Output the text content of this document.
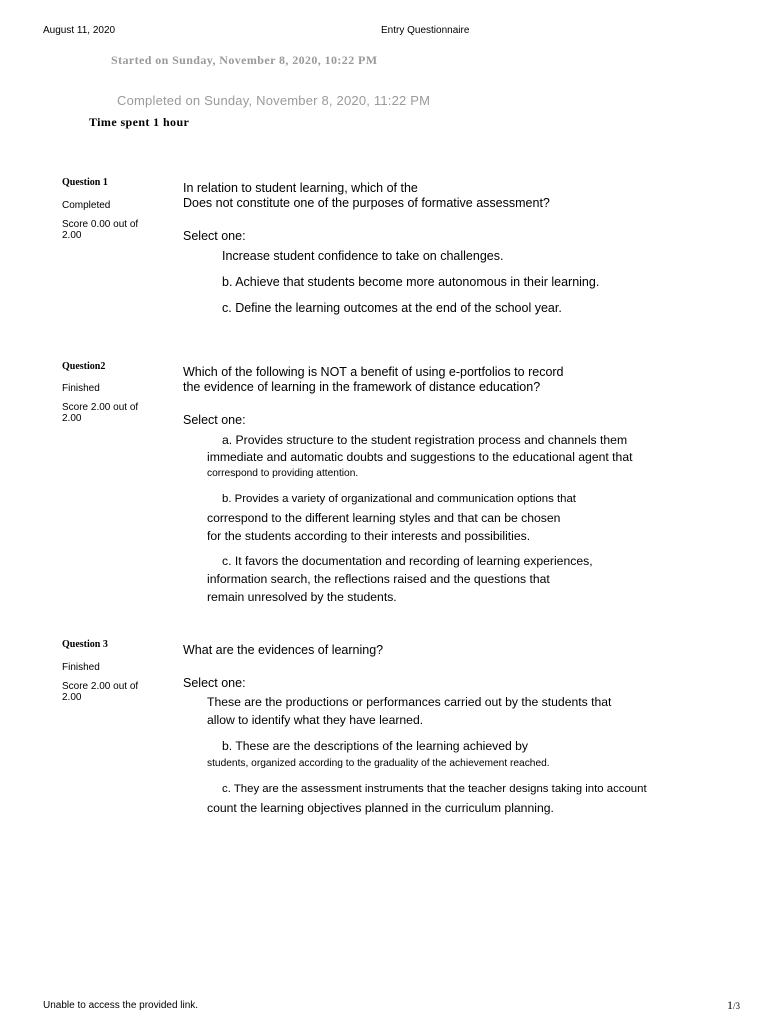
August 11, 2020	Entry Questionnaire
Started on Sunday, November 8, 2020, 10:22 PM
Completed on Sunday, November 8, 2020, 11:22 PM
Time spent 1 hour
Question 1
Completed
Score 0.00 out of 2.00
In relation to student learning, which of the
Does not constitute one of the purposes of formative assessment?
Select one:
Increase student confidence to take on challenges.
b. Achieve that students become more autonomous in their learning.
c. Define the learning outcomes at the end of the school year.
Question2
Finished
Score 2.00 out of 2.00
Which of the following is NOT a benefit of using e-portfolios to record
the evidence of learning in the framework of distance education?
Select one:
a. Provides structure to the student registration process and channels them
immediate and automatic doubts and suggestions to the educational agent that
correspond to providing attention.
b. Provides a variety of organizational and communication options that
correspond to the different learning styles and that can be chosen
for the students according to their interests and possibilities.
c. It favors the documentation and recording of learning experiences,
information search, the reflections raised and the questions that
remain unresolved by the students.
Question 3
Finished
Score 2.00 out of 2.00
What are the evidences of learning?
Select one:
These are the productions or performances carried out by the students that
allow to identify what they have learned.
b. These are the descriptions of the learning achieved by
students, organized according to the graduality of the achievement reached.
c. They are the assessment instruments that the teacher designs taking into account
count the learning objectives planned in the curriculum planning.
Unable to access the provided link.	1/3
